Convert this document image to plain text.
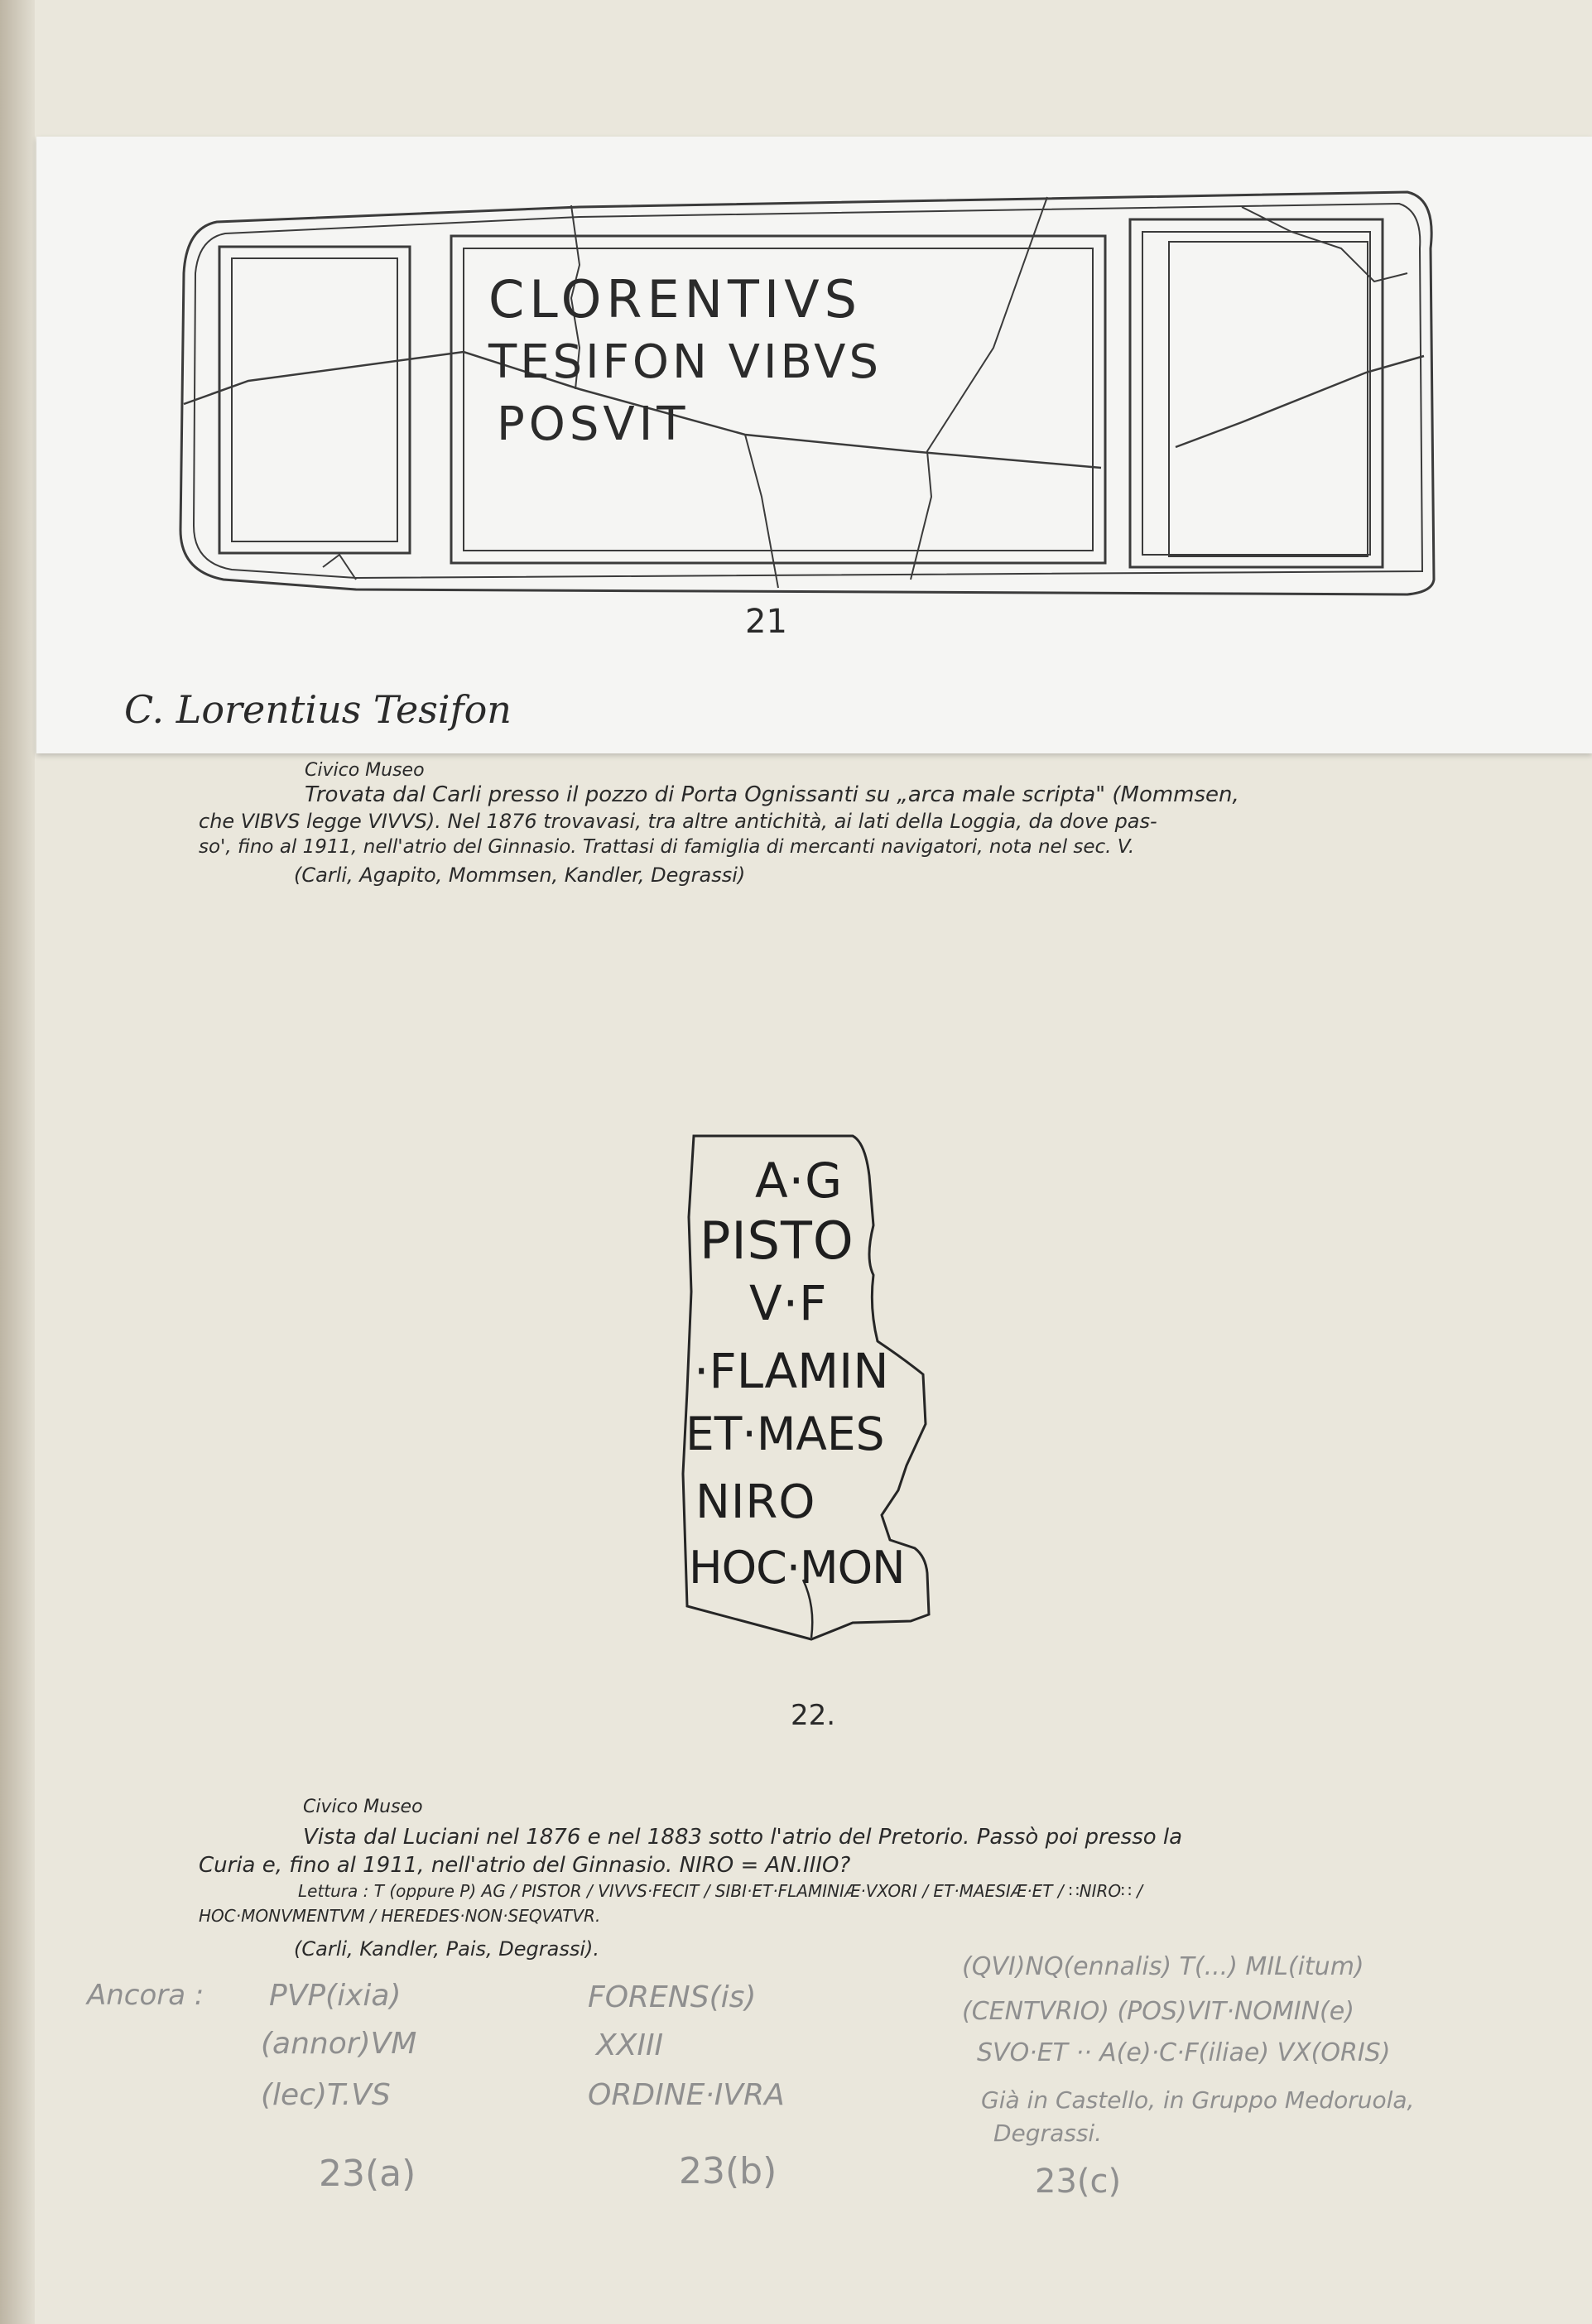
CLORENTIVS
TESIFON VIBVS
POSVIT
21
C. Lorentius Tesifon
Civico Museo
Trovata dal Carli presso il pozzo di Porta Ognissanti su „arca male scripta" (Mommsen,
che VIBVS legge VIVVS). Nel 1876 trovavasi, tra altre antichità, ai lati della Loggia, da dove pas-
so', fino al 1911, nell'atrio del Ginnasio. Trattasi di famiglia di mercanti navigatori, nota nel sec. V.
(Carli, Agapito, Mommsen, Kandler, Degrassi)
A·G
PISTO
V·F
·FLAMIN
ET·MAES
NIRO
HOC·MON
22.
Civico Museo
Vista dal Luciani nel 1876 e nel 1883 sotto l'atrio del Pretorio. Passò poi presso la
Curia e, fino al 1911, nell'atrio del Ginnasio. NIRO = AN.IIIO?
Lettura : T (oppure P) AG / PISTOR / VIVVS·FECIT / SIBI·ET·FLAMINIÆ·VXORI / ET·MAESIÆ·ET / ∷NIRO∷ /
HOC·MONVMENTVM / HEREDES·NON·SEQVATVR.
(Carli, Kandler, Pais, Degrassi).
Ancora : PVP(ixia)
(annor)VM
(lec)T.VS
23(a)
FORENS(is)
XXIII
ORDINE·IVRA
23(b)
(QVI)NQ(ennalis) T(...) MIL(itum)
(CENTVRIO) (POS)VIT·NOMIN(e)
SVO·ET ·· A(e)·C·F(iliae) VX(ORIS)
Già in Castello, in Gruppo Medoruola,
Degrassi.
23(c)
